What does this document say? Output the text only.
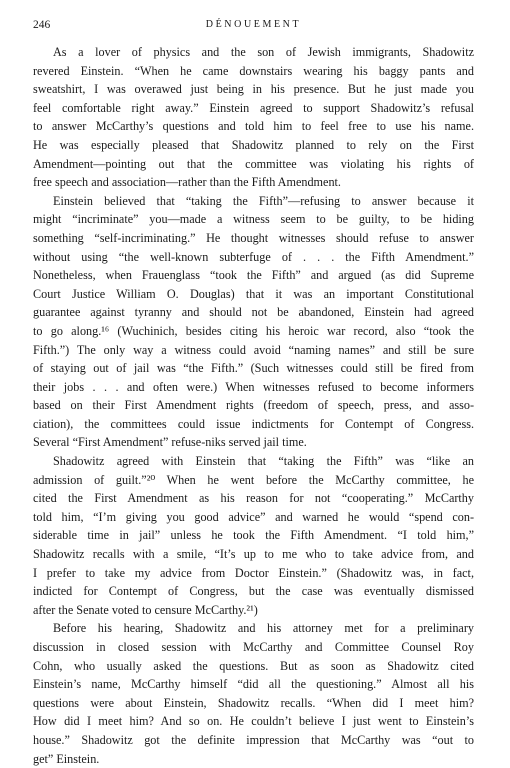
246	DÉNOUEMENT

As a lover of physics and the son of Jewish immigrants, Shadowitz
revered Einstein. “When he came downstairs wearing his baggy pants and
sweatshirt, I was overawed just being in his presence. But he just made you
feel comfortable right away.” Einstein agreed to support Shadowitz’s refusal
to answer McCarthy’s questions and told him to feel free to use his name.
He was especially pleased that Shadowitz planned to rely on the First
Amendment—pointing out that the committee was violating his rights of
free speech and association—rather than the Fifth Amendment.

Einstein believed that “taking the Fifth”—refusing to answer because it
might “incriminate” you—made a witness seem to be guilty, to be hiding
something “self-incriminating.” He thought witnesses should refuse to answer
without using “the well-known subterfuge of . . . the Fifth Amendment.”
Nonetheless, when Frauenglass “took the Fifth” and argued (as did Supreme
Court Justice William O. Douglas) that it was an important Constitutional
guarantee against tyranny and should not be abandoned, Einstein had agreed
to go along.¹⁶ (Wuchinich, besides citing his heroic war record, also “took the
Fifth.”) The only way a witness could avoid “naming names” and still be sure
of staying out of jail was “the Fifth.” (Such witnesses could still be fired from
their jobs . . . and often were.) When witnesses refused to become informers
based on their First Amendment rights (freedom of speech, press, and asso-
ciation), the committees could issue indictments for Contempt of Congress.
Several “First Amendment” refuse-niks served jail time.

Shadowitz agreed with Einstein that “taking the Fifth” was “like an
admission of guilt.”²⁰ When he went before the McCarthy committee, he
cited the First Amendment as his reason for not “cooperating.” McCarthy
told him, “I’m giving you good advice” and warned he would “spend con-
siderable time in jail” unless he took the Fifth Amendment. “I told him,”
Shadowitz recalls with a smile, “It’s up to me who to take advice from, and
I prefer to take my advice from Doctor Einstein.” (Shadowitz was, in fact,
indicted for Contempt of Congress, but the case was eventually dismissed
after the Senate voted to censure McCarthy.²¹)

Before his hearing, Shadowitz and his attorney met for a preliminary
discussion in closed session with McCarthy and Committee Counsel Roy
Cohn, who usually asked the questions. But as soon as Shadowitz cited
Einstein’s name, McCarthy himself “did all the questioning.” Almost all his
questions were about Einstein, Shadowitz recalls. “When did I meet him?
How did I meet him? And so on. He couldn’t believe I just went to Einstein’s
house.” Shadowitz got the definite impression that McCarthy was “out to
get” Einstein.
